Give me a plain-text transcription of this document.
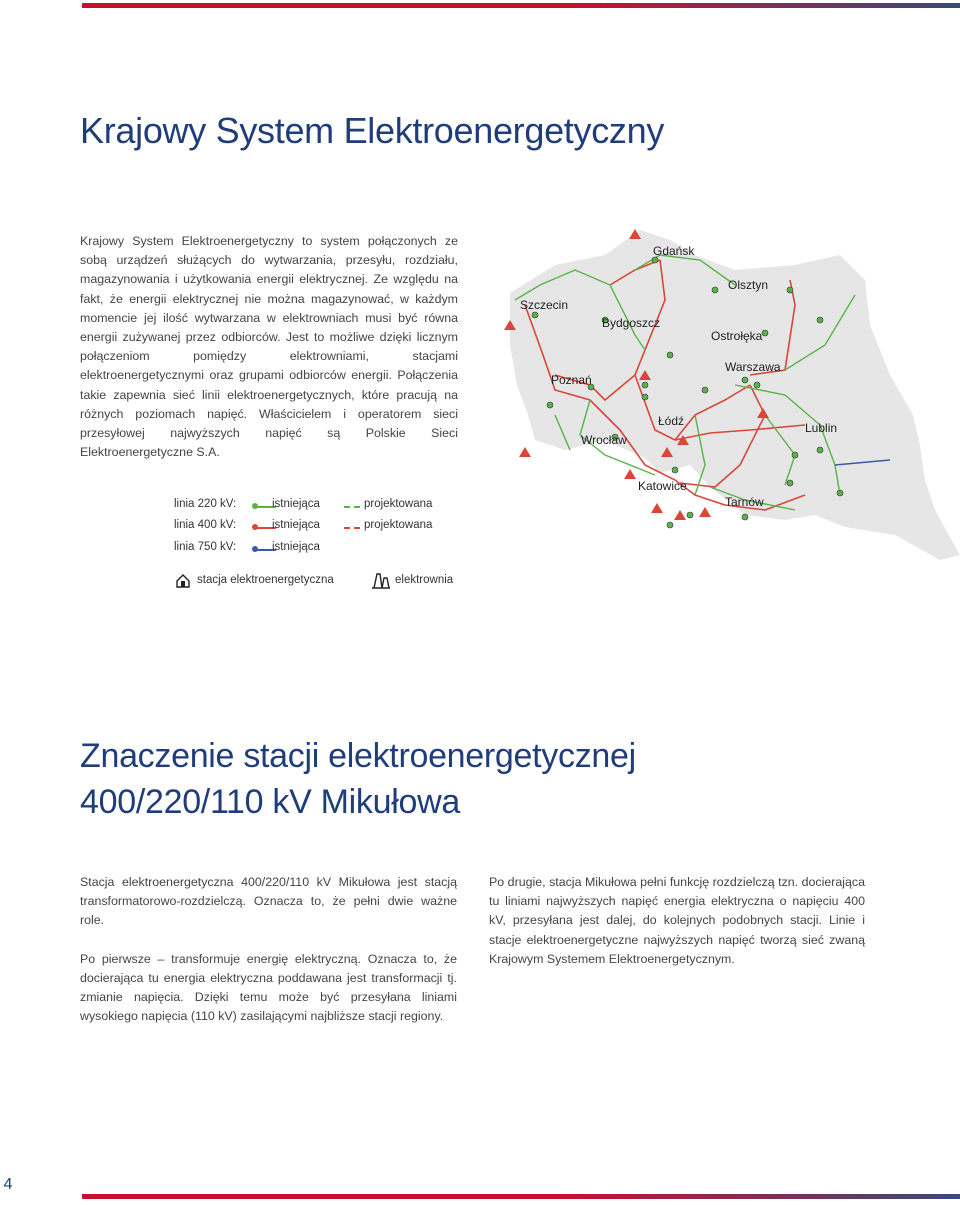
Krajowy System Elektroenergetyczny

Krajowy System Elektroenergetyczny to system połączonych ze sobą urządzeń służących do wytwarzania, przesyłu, rozdziału, magazynowania i użytkowania energii elektrycznej. Ze względu na fakt, że energii elektrycznej nie można magazynować, w każdym momencie jej ilość wytwarzana w elektrowniach musi być równa energii zużywanej przez odbiorców. Jest to możliwe dzięki licznym połączeniom pomiędzy elektrowniami, stacjami elektroenergetycznymi oraz grupami odbiorców energii. Połączenia takie zapewnia sieć linii elektroenergetycznych, które pracują na różnych poziomach napięć. Właścicielem i operatorem sieci przesyłowej najwyższych napięć są Polskie Sieci Elektroenergetyczne S.A.

linia 220 kV:	istniejąca	projektowana
linia 400 kV:	istniejąca	projektowana
linia 750 kV:	istniejąca
stacja elektroenergetyczna	elektrownia
Gdańsk
Olsztyn
Szczecin
Bydgoszcz
Ostrołęka
Warszawa
Poznań
Łódź	Lublin
Wrocław
Katowice
Tarnów
Znaczenie stacji elektroenergetycznej
400/220/110 kV Mikułowa

Stacja elektroenergetyczna 400/220/110 kV Mikułowa jest stacją transformatorowo-rozdzielczą. Oznacza to, że pełni dwie ważne role.

Po pierwsze – transformuje energię elektryczną. Oznacza to, że docierająca tu energia elektryczna poddawana jest transformacji tj. zmianie napięcia. Dzięki temu może być przesyłana liniami wysokiego napięcia (110 kV) zasilającymi najbliższe stacji regiony.

Po drugie, stacja Mikułowa pełni funkcję rozdzielczą tzn. docierająca tu liniami najwyższych napięć energia elektryczna o napięciu 400 kV, przesyłana jest dalej, do kolejnych podobnych stacji. Linie i stacje elektroenergetyczne najwyższych napięć tworzą sieć zwaną Krajowym Systemem Elektroenergetycznym.

4
